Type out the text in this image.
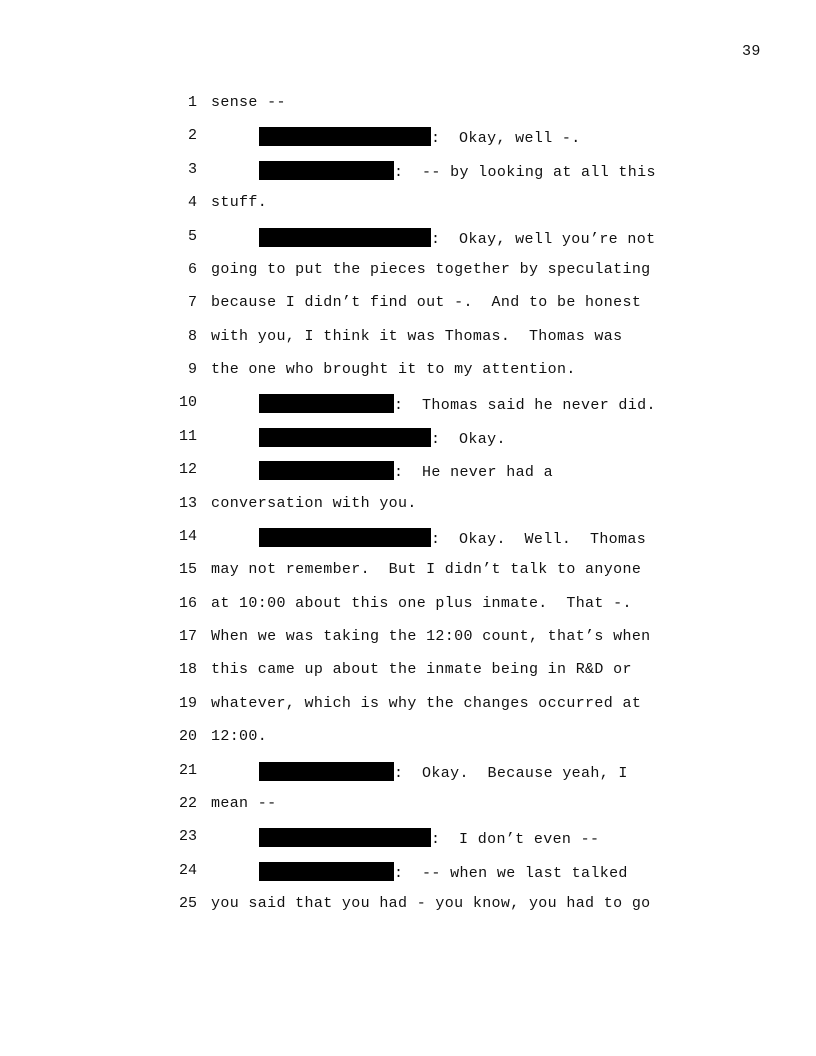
39
1 sense --
2	:  Okay, well -.
3	:  -- by looking at all this
4 stuff.
5	:  Okay, well you’re not
6 going to put the pieces together by speculating
7 because I didn’t find out -.  And to be honest
8 with you, I think it was Thomas.  Thomas was
9 the one who brought it to my attention.
10	:  Thomas said he never did.
11	:  Okay.
12	:  He never had a
13 conversation with you.
14	:  Okay.  Well.  Thomas
15 may not remember.  But I didn’t talk to anyone
16 at 10:00 about this one plus inmate.  That -.
17 When we was taking the 12:00 count, that’s when
18 this came up about the inmate being in R&D or
19 whatever, which is why the changes occurred at
20 12:00.
21	:  Okay.  Because yeah, I
22 mean --
23	:  I don’t even --
24	:  -- when we last talked
25 you said that you had - you know, you had to go
